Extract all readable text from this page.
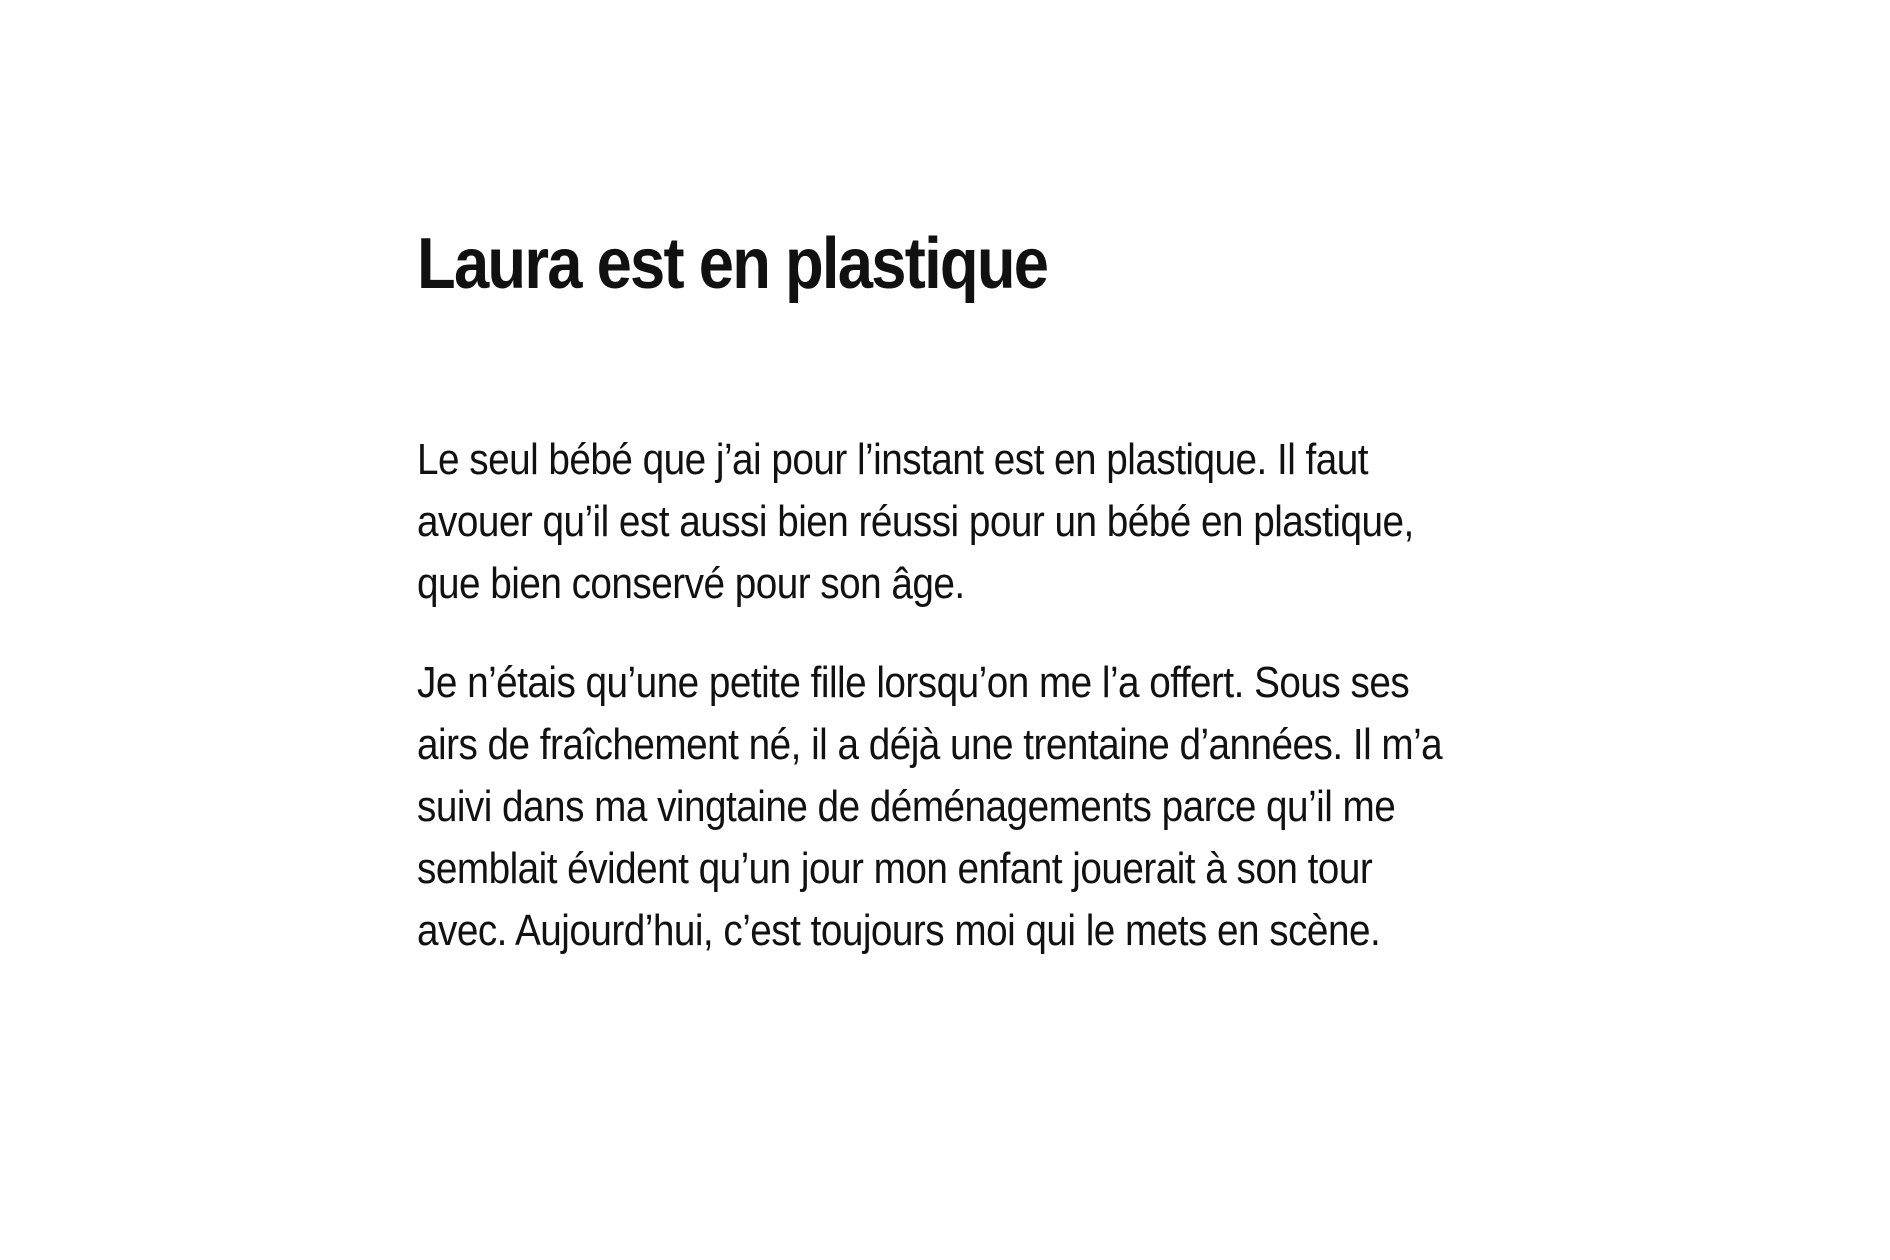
Laura est en plastique

Le seul bébé que j’ai pour l’instant est en plastique. Il faut
avouer qu’il est aussi bien réussi pour un bébé en plastique,
que bien conservé pour son âge.

Je n’étais qu’une petite fille lorsqu’on me l’a offert. Sous ses
airs de fraîchement né, il a déjà une trentaine d’années. Il m’a
suivi dans ma vingtaine de déménagements parce qu’il me
semblait évident qu’un jour mon enfant jouerait à son tour
avec. Aujourd’hui, c’est toujours moi qui le mets en scène.
